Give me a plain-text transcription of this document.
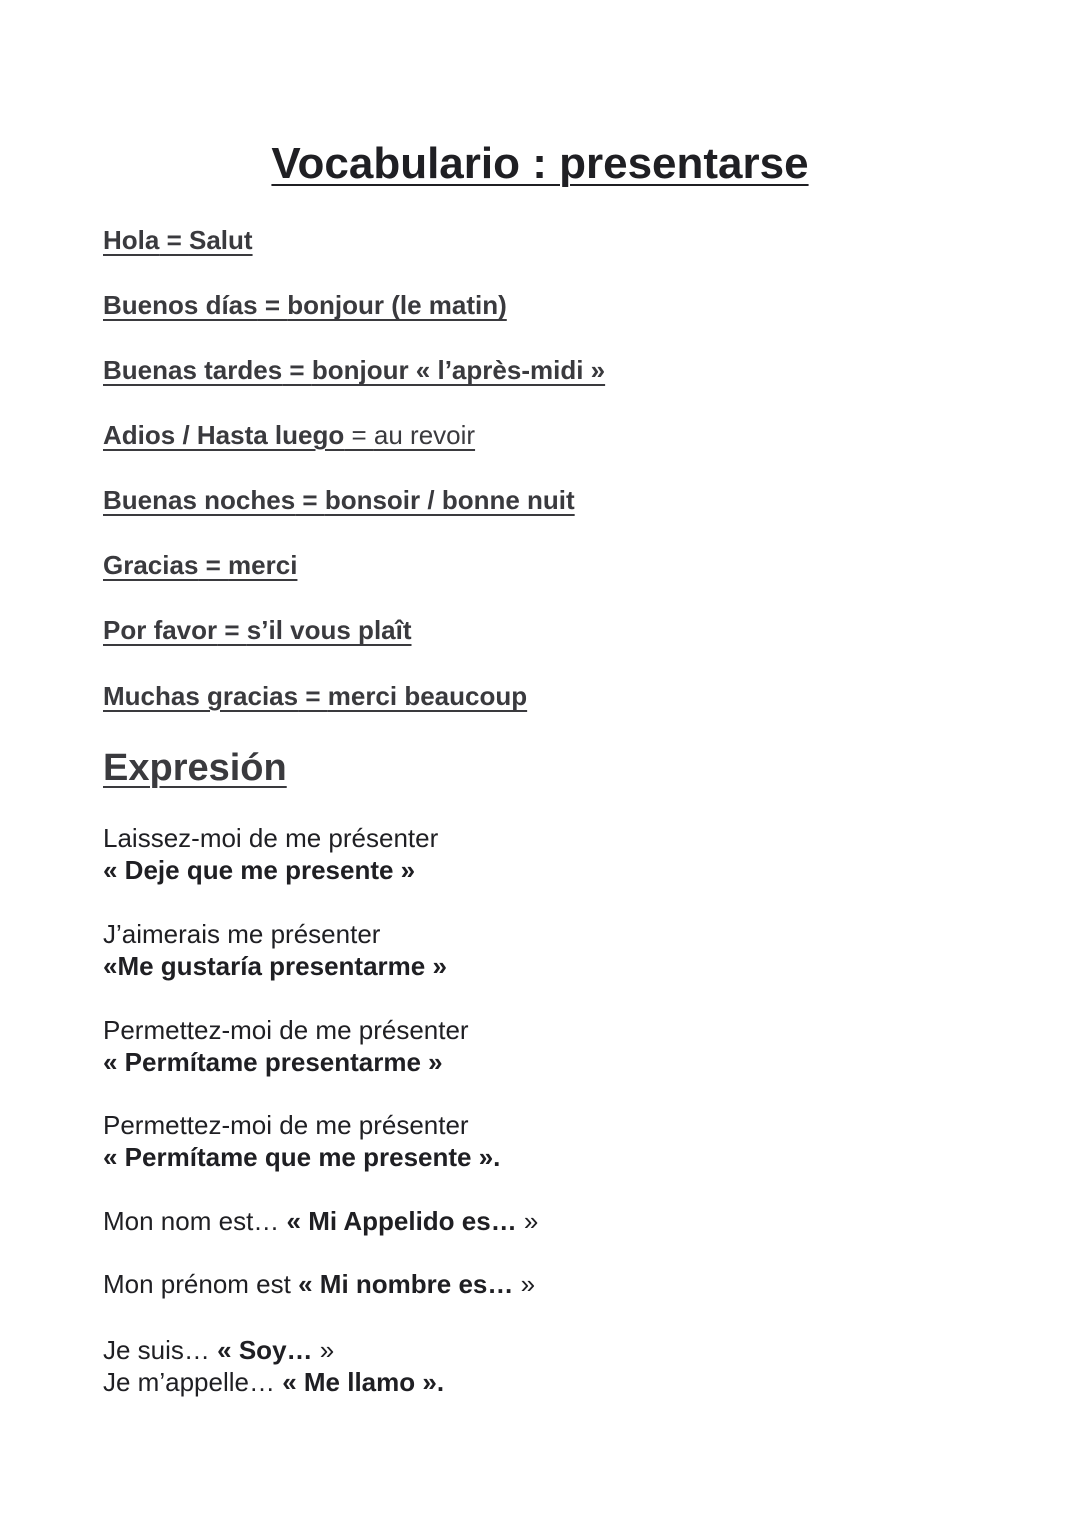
Vocabulario : presentarse
Hola = Salut
Buenos días = bonjour (le matin)
Buenas tardes = bonjour « l’après-midi »
Adios / Hasta luego = au revoir
Buenas noches = bonsoir / bonne nuit
Gracias = merci
Por favor = s’il vous plaît
Muchas gracias = merci beaucoup
Expresión
Laissez-moi de me présenter
« Deje que me presente »
J’aimerais me présenter
«Me gustaría presentarme »
Permettez-moi de me présenter
« Permítame presentarme »
Permettez-moi de me présenter
« Permítame que me presente ».
Mon nom est… « Mi Appelido es… »
Mon prénom est « Mi nombre es… »
Je suis… « Soy… »
Je m’appelle… « Me llamo ».
